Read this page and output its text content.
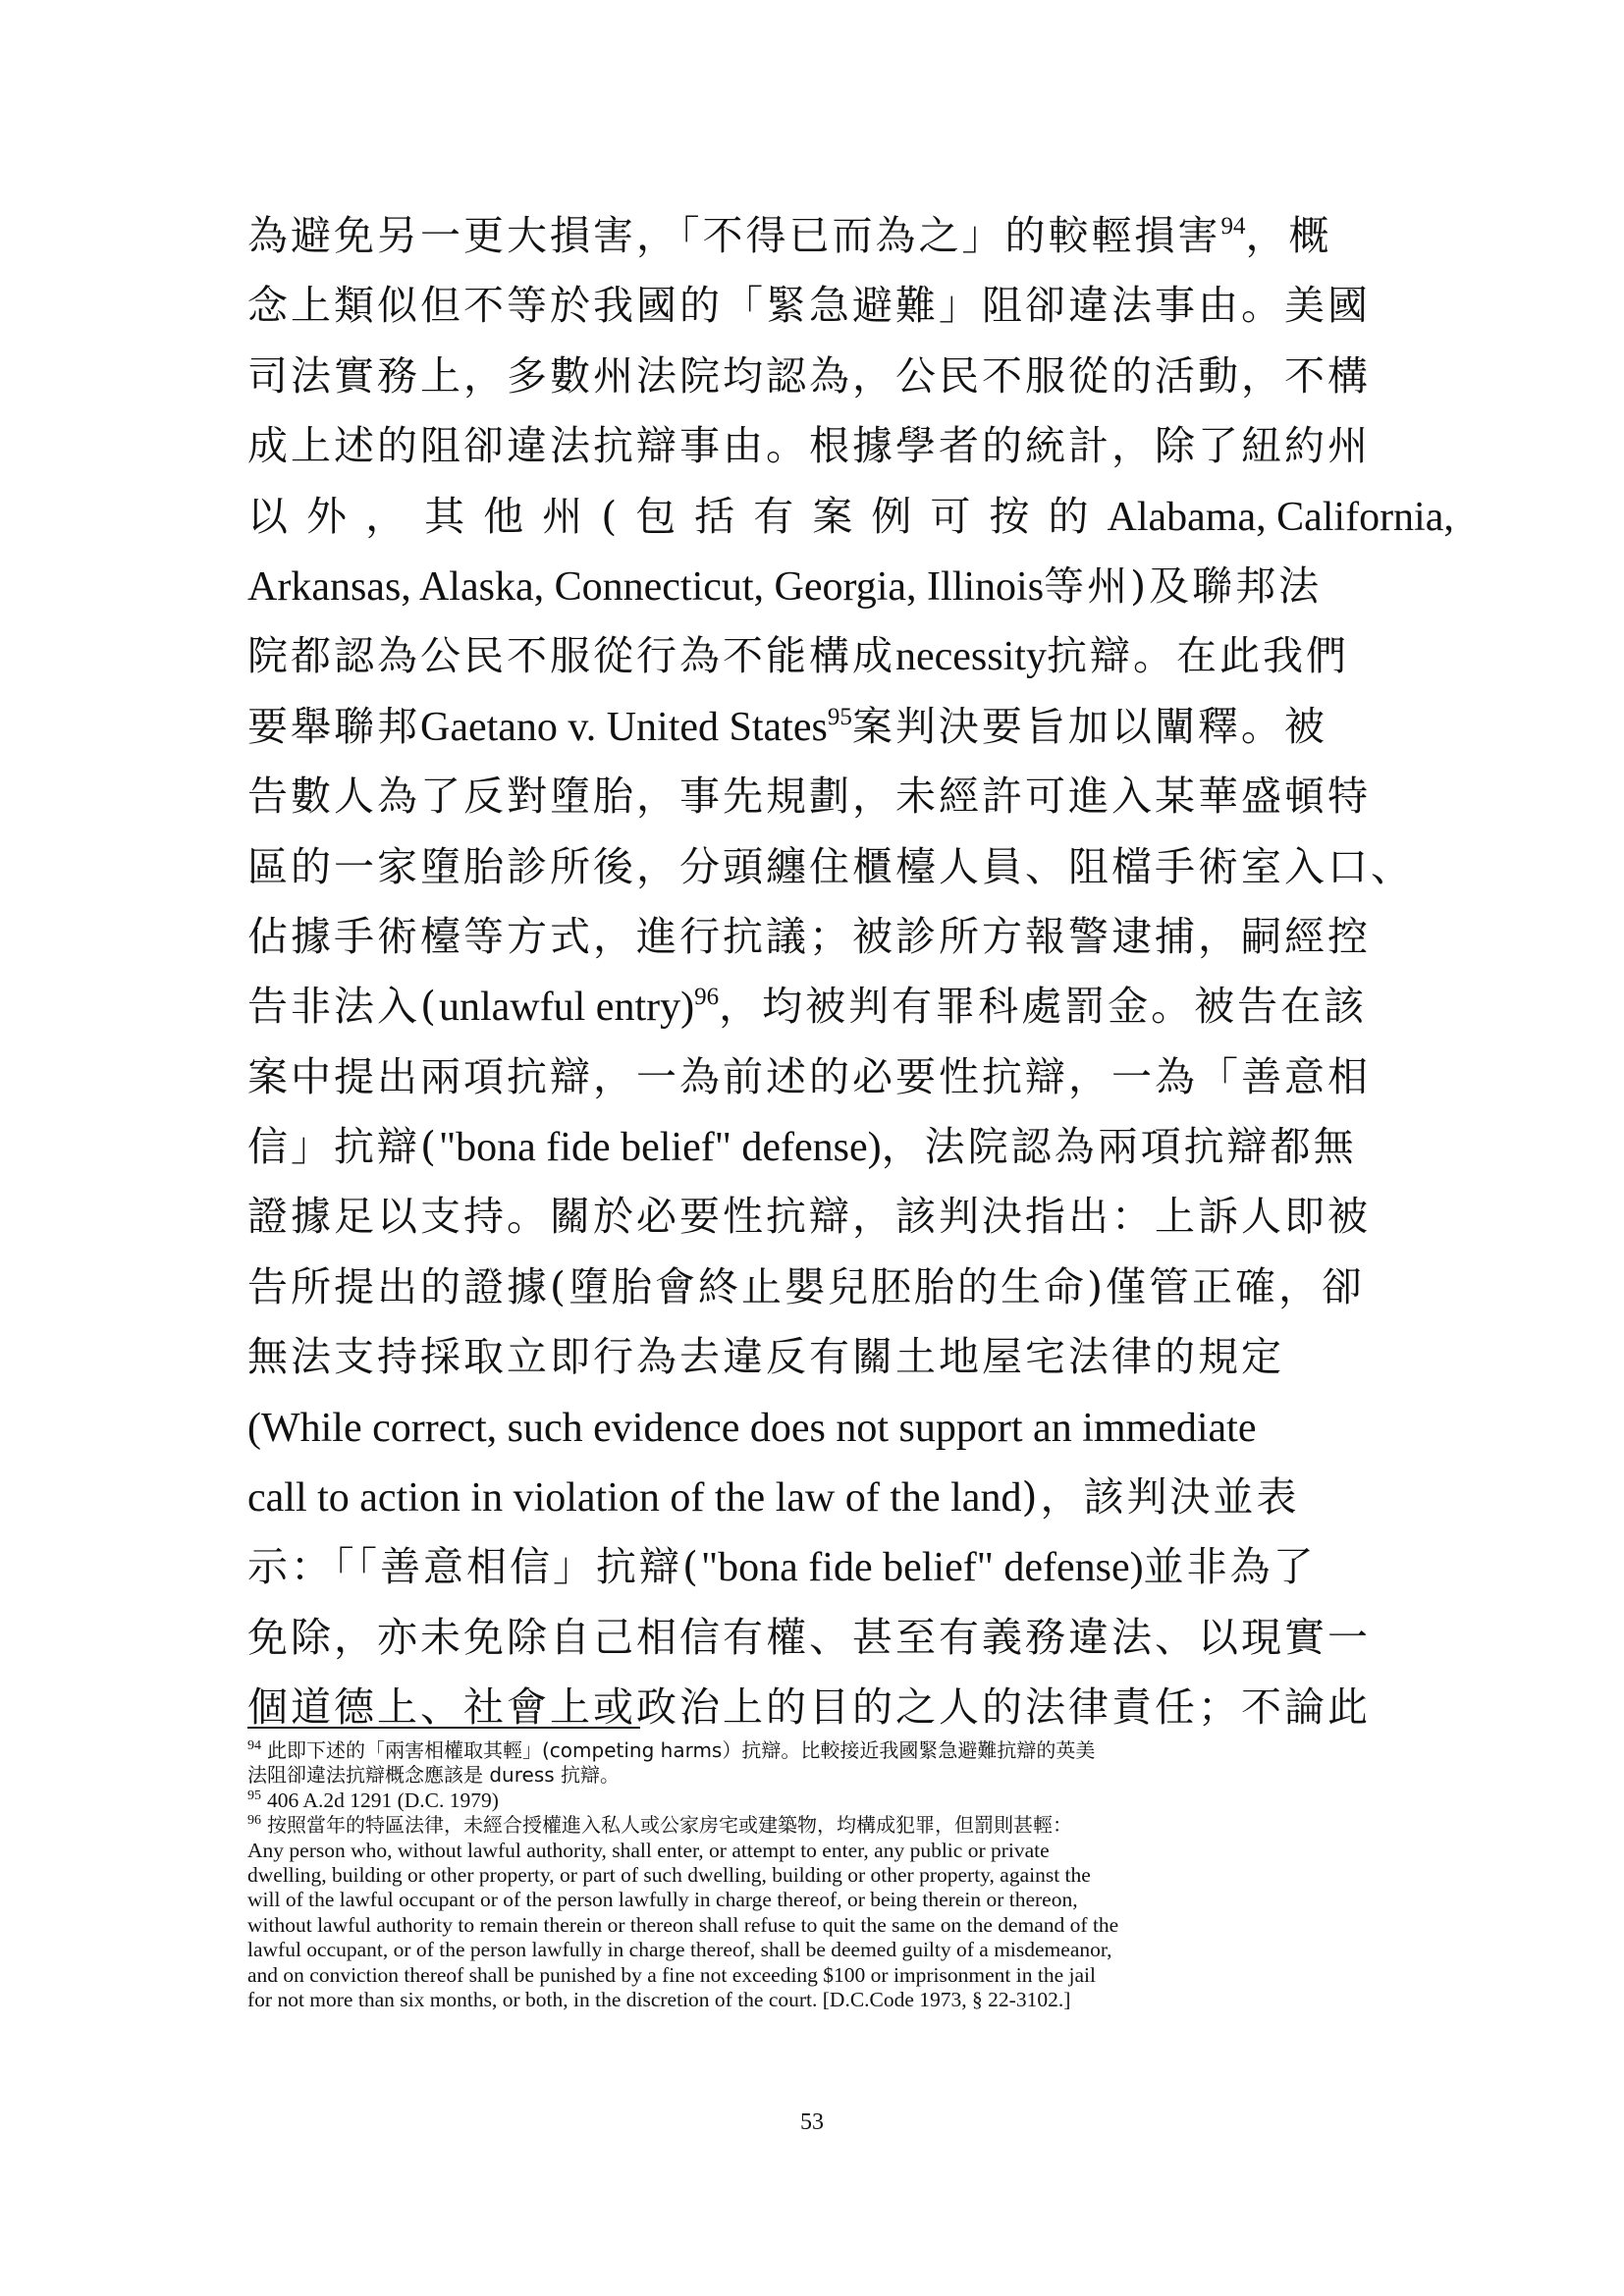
為避免另一更大損害，「不得已而為之」的較輕損害$^{94}$，概
念上類似但不等於我國的「緊急避難」阻卻違法事由。美國
司法實務上，多數州法院均認為，公民不服從的活動，不構
成上述的阻卻違法抗辯事由。根據學者的統計，除了紐約州
以 外 ， 其 他 州 ( 包 括 有 案 例 可 按 的 Alabama, California,
Arkansas, Alaska, Connecticut, Georgia, Illinois等州)及聯邦法
院都認為公民不服從行為不能構成necessity抗辯。在此我們
要舉聯邦Gaetano v. United States$^{95}$案判決要旨加以闡釋。被
告數人為了反對墮胎，事先規劃，未經許可進入某華盛頓特
區的一家墮胎診所後，分頭纏住櫃檯人員、阻檔手術室入口、
佔據手術檯等方式，進行抗議；被診所方報警逮捕，嗣經控
告非法入(unlawful entry)$^{96}$，均被判有罪科處罰金。被告在該
案中提出兩項抗辯，一為前述的必要性抗辯，一為「善意相
信」抗辯("bona fide belief" defense)，法院認為兩項抗辯都無
證據足以支持。關於必要性抗辯，該判決指出：上訴人即被
告所提出的證據(墮胎會終止嬰兒胚胎的生命)僅管正確，卻
無法支持採取立即行為去違反有關土地屋宅法律的規定
(While correct, such evidence does not support an immediate
call to action in violation of the law of the land)，該判決並表
示：「「善意相信」抗辯("bona fide belief" defense)並非為了
免除，亦未免除自己相信有權、甚至有義務違法、以現實一
個道德上、社會上或政治上的目的之人的法律責任；不論此
$^{94}$ 此即下述的「兩害相權取其輕」(competing harms）抗辯。比較接近我國緊急避難抗辯的英美
法阻卻違法抗辯概念應該是 duress 抗辯。
$^{95}$ 406 A.2d 1291 (D.C. 1979)
$^{96}$ 按照當年的特區法律，未經合授權進入私人或公家房宅或建築物，均構成犯罪，但罰則甚輕：
Any person who, without lawful authority, shall enter, or attempt to enter, any public or private
dwelling, building or other property, or part of such dwelling, building or other property, against the
will of the lawful occupant or of the person lawfully in charge thereof, or being therein or thereon,
without lawful authority to remain therein or thereon shall refuse to quit the same on the demand of the
lawful occupant, or of the person lawfully in charge thereof, shall be deemed guilty of a misdemeanor,
and on conviction thereof shall be punished by a fine not exceeding $100 or imprisonment in the jail
for not more than six months, or both, in the discretion of the court. [D.C.Code 1973, § 22-3102.]
53
